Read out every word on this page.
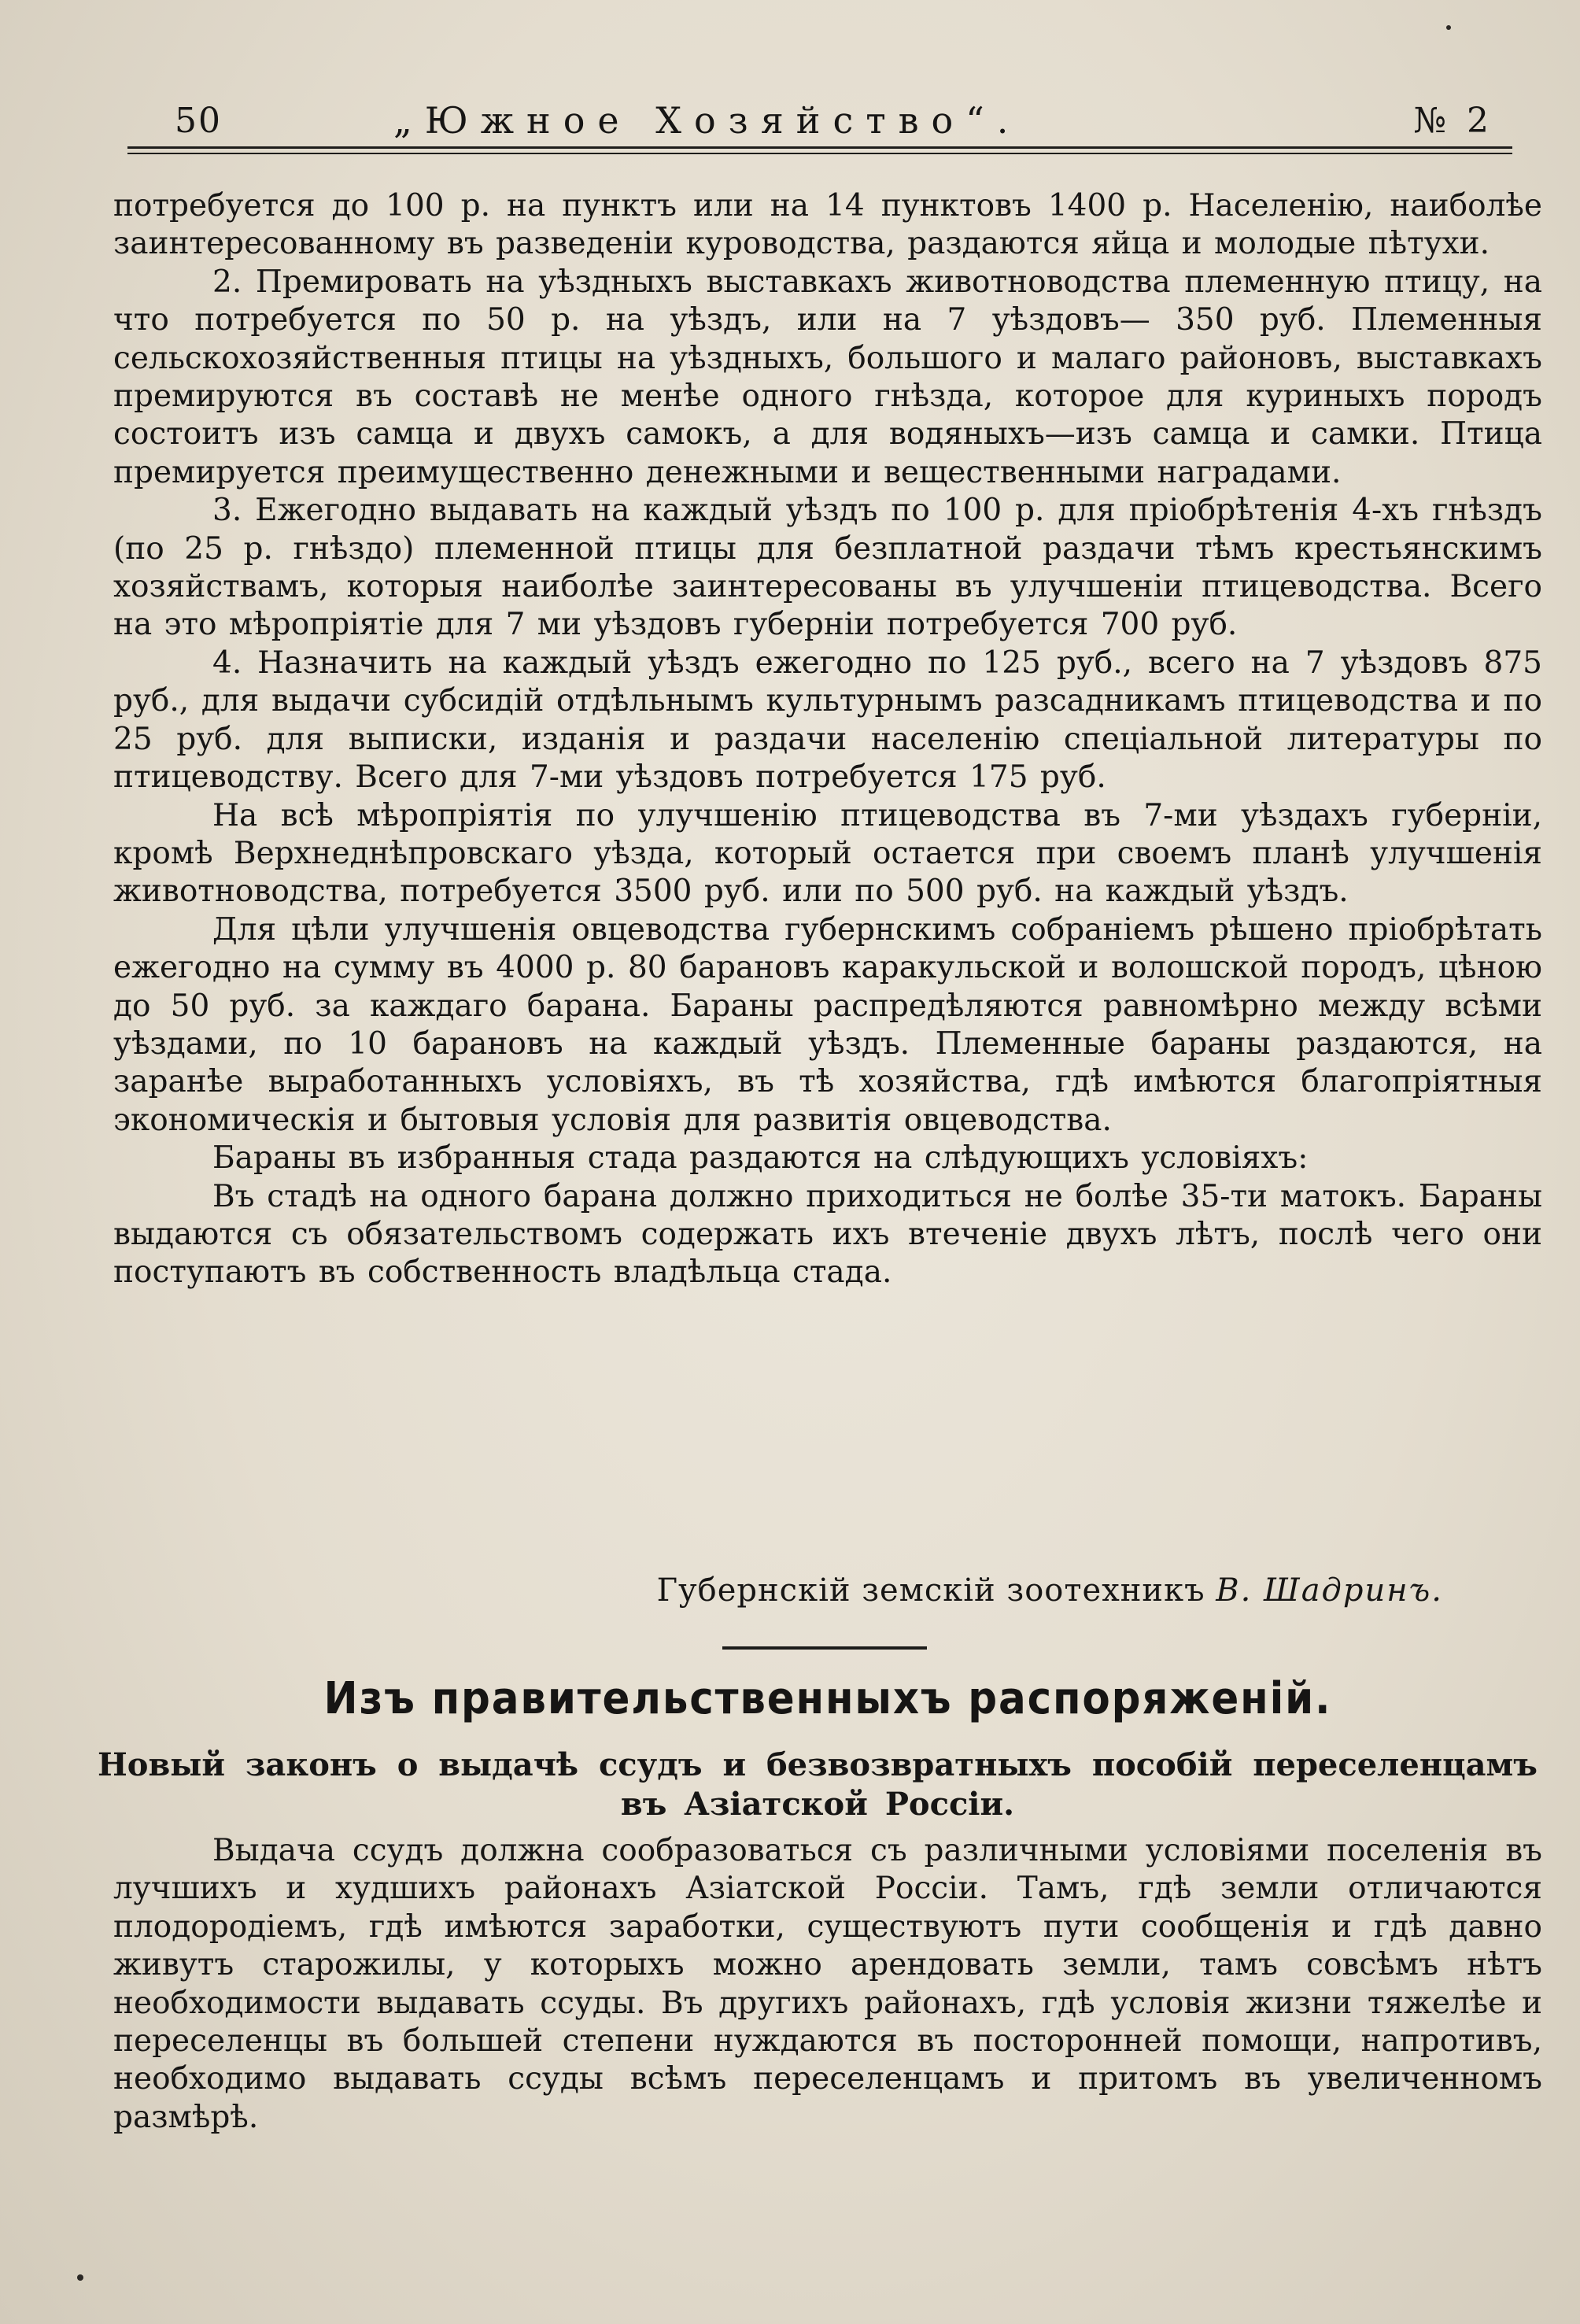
50	„Южное Хозяйство“.	№ 2

потребуется до 100 р. на пунктъ или на 14 пунктовъ 1400 р. Населенію, наиболѣе заинтересованному въ разведеніи куроводства, раздаются яйца и молодые пѣтухи.

2. Премировать на уѣздныхъ выставкахъ животноводства племенную птицу, на что потребуется по 50 р. на уѣздъ, или на 7 уѣздовъ— 350 руб. Племенныя сельскохозяйственныя птицы на уѣздныхъ, большого и малаго районовъ, выставкахъ премируются въ составѣ не менѣе одного гнѣзда, которое для куриныхъ породъ состоитъ изъ самца и двухъ самокъ, а для водяныхъ—изъ самца и самки. Птица премируется преимущественно денежными и вещественными наградами.

3. Ежегодно выдавать на каждый уѣздъ по 100 р. для пріобрѣтенія 4-хъ гнѣздъ (по 25 р. гнѣздо) племенной птицы для безплатной раздачи тѣмъ крестьянскимъ хозяйствамъ, которыя наиболѣе заинтересованы въ улучшеніи птицеводства. Всего на это мѣропріятіе для 7 ми уѣздовъ губерніи потребуется 700 руб.

4. Назначить на каждый уѣздъ ежегодно по 125 руб., всего на 7 уѣздовъ 875 руб., для выдачи субсидій отдѣльнымъ культурнымъ разсадникамъ птицеводства и по 25 руб. для выписки, изданія и раздачи населенію спеціальной литературы по птицеводству. Всего для 7-ми уѣздовъ потребуется 175 руб.

На всѣ мѣропріятія по улучшенію птицеводства въ 7-ми уѣздахъ губерніи, кромѣ Верхнеднѣпровскаго уѣзда, который остается при своемъ планѣ улучшенія животноводства, потребуется 3500 руб. или по 500 руб. на каждый уѣздъ.

Для цѣли улучшенія овцеводства губернскимъ собраніемъ рѣшено пріобрѣтать ежегодно на сумму въ 4000 р. 80 барановъ каракульской и волошской породъ, цѣною до 50 руб. за каждаго барана. Бараны распредѣляются равномѣрно между всѣми уѣздами, по 10 барановъ на каждый уѣздъ. Племенные бараны раздаются, на заранѣе выработанныхъ условіяхъ, въ тѣ хозяйства, гдѣ имѣются благопріятныя экономическія и бытовыя условія для развитія овцеводства.

Бараны въ избранныя стада раздаются на слѣдующихъ условіяхъ:

Въ стадѣ на одного барана должно приходиться не болѣе 35-ти матокъ. Бараны выдаются съ обязательствомъ содержать ихъ втеченіе двухъ лѣтъ, послѣ чего они поступаютъ въ собственность владѣльца стада.

Губернскій земскій зоотехникъ В. Шадринъ.
Изъ правительственныхъ распоряженій.
Новый законъ о выдачѣ ссудъ и безвозвратныхъ пособій переселенцамъ въ Азіатской Россіи.

Выдача ссудъ должна сообразоваться съ различными условіями поселенія въ лучшихъ и худшихъ районахъ Азіатской Россіи. Тамъ, гдѣ земли отличаются плодородіемъ, гдѣ имѣются заработки, существуютъ пути сообщенія и гдѣ давно живутъ старожилы, у которыхъ можно арендовать земли, тамъ совсѣмъ нѣтъ необходимости выдавать ссуды. Въ другихъ районахъ, гдѣ условія жизни тяжелѣе и переселенцы въ большей степени нуждаются въ посторонней помощи, напротивъ, необходимо выдавать ссуды всѣмъ переселенцамъ и притомъ въ увеличенномъ размѣрѣ.
